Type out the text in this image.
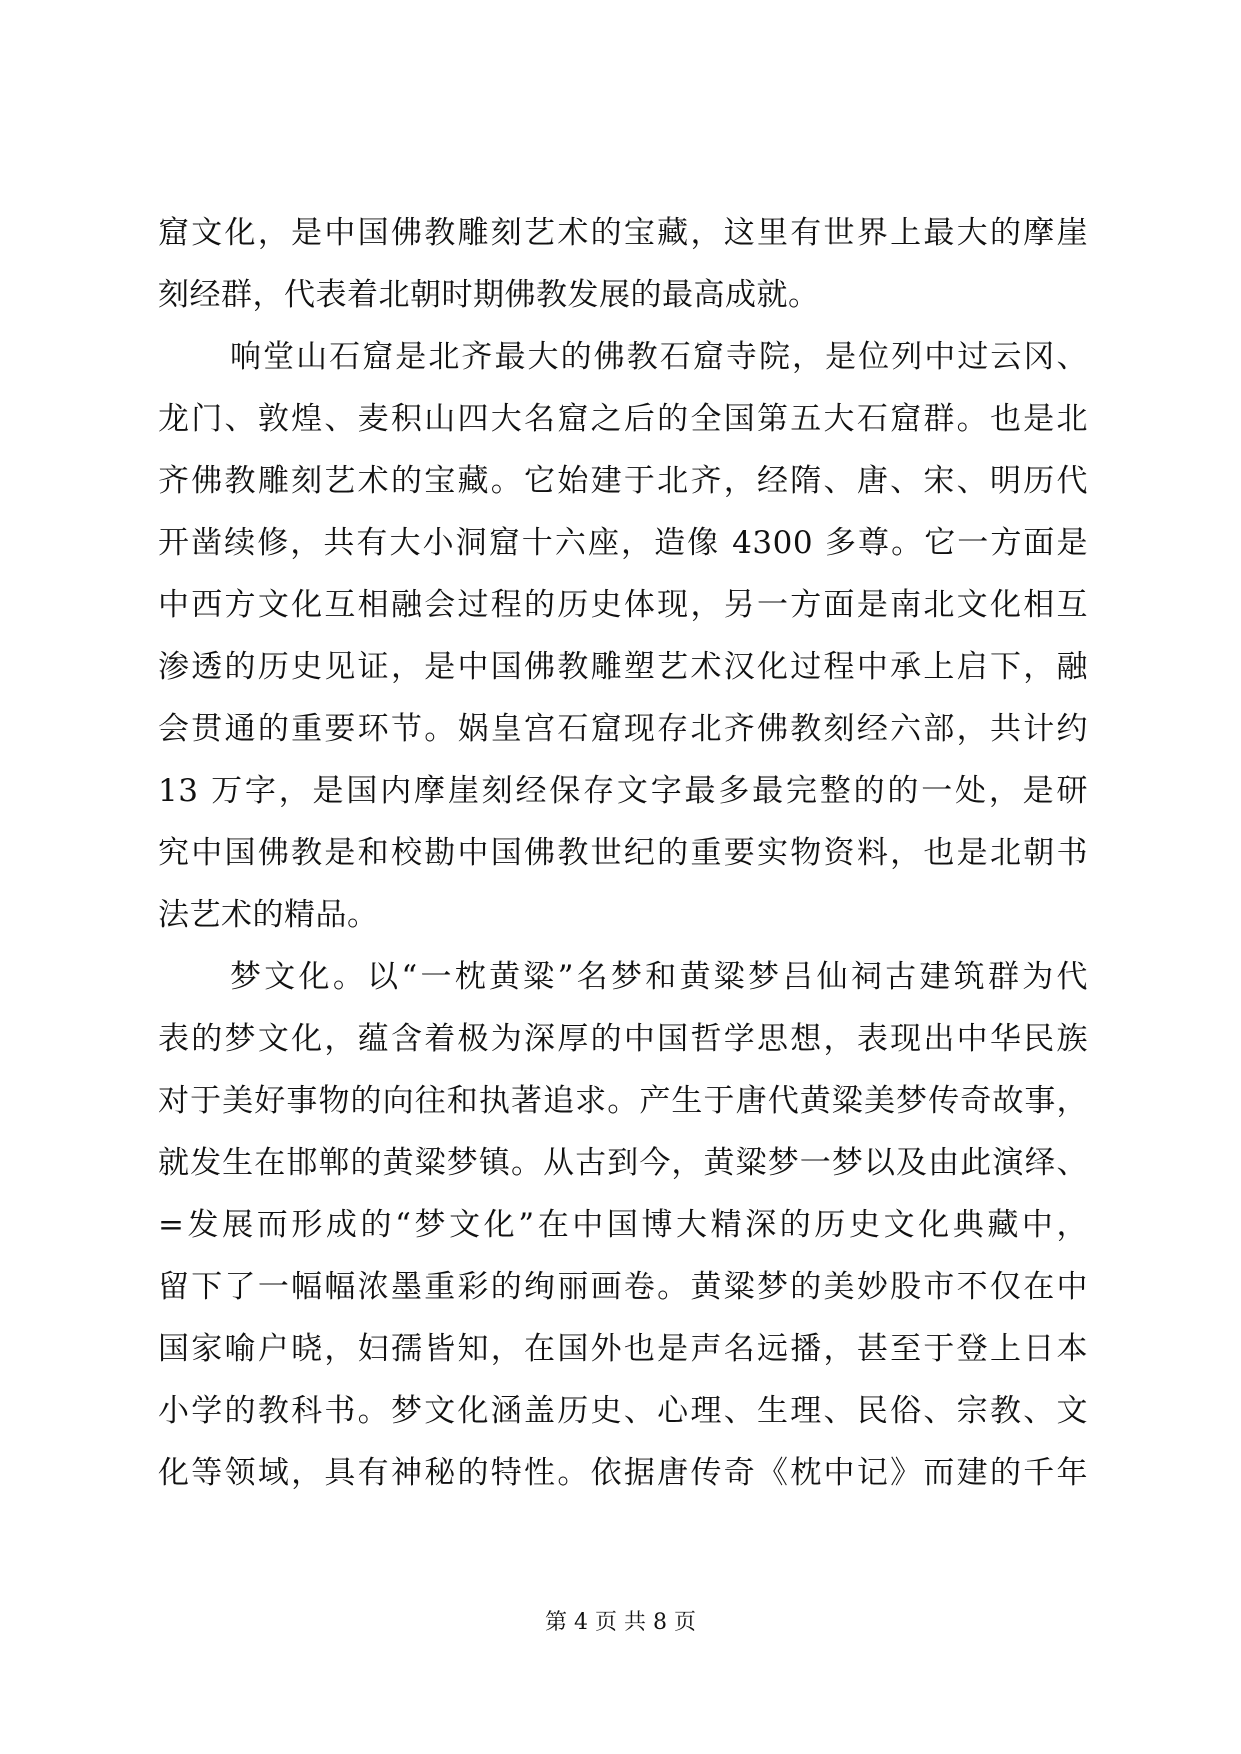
窟文化，是中国佛教雕刻艺术的宝藏，这里有世界上最大的摩崖
刻经群，代表着北朝时期佛教发展的最高成就。
响堂山石窟是北齐最大的佛教石窟寺院，是位列中过云冈、
龙门、敦煌、麦积山四大名窟之后的全国第五大石窟群。也是北
齐佛教雕刻艺术的宝藏。它始建于北齐，经隋、唐、宋、明历代
开凿续修，共有大小洞窟十六座，造像 4300 多尊。它一方面是
中西方文化互相融会过程的历史体现，另一方面是南北文化相互
渗透的历史见证，是中国佛教雕塑艺术汉化过程中承上启下，融
会贯通的重要环节。娲皇宫石窟现存北齐佛教刻经六部，共计约
13 万字，是国内摩崖刻经保存文字最多最完整的的一处，是研
究中国佛教是和校勘中国佛教世纪的重要实物资料，也是北朝书
法艺术的精品。
梦文化。以“一枕黄粱”名梦和黄粱梦吕仙祠古建筑群为代
表的梦文化，蕴含着极为深厚的中国哲学思想，表现出中华民族
对于美好事物的向往和执著追求。产生于唐代黄粱美梦传奇故事，
就发生在邯郸的黄粱梦镇。从古到今，黄粱梦一梦以及由此演绎、
=发展而形成的“梦文化”在中国博大精深的历史文化典藏中，
留下了一幅幅浓墨重彩的绚丽画卷。黄粱梦的美妙股市不仅在中
国家喻户晓，妇孺皆知，在国外也是声名远播，甚至于登上日本
小学的教科书。梦文化涵盖历史、心理、生理、民俗、宗教、文
化等领域，具有神秘的特性。依据唐传奇《枕中记》而建的千年
第 4 页 共 8 页
